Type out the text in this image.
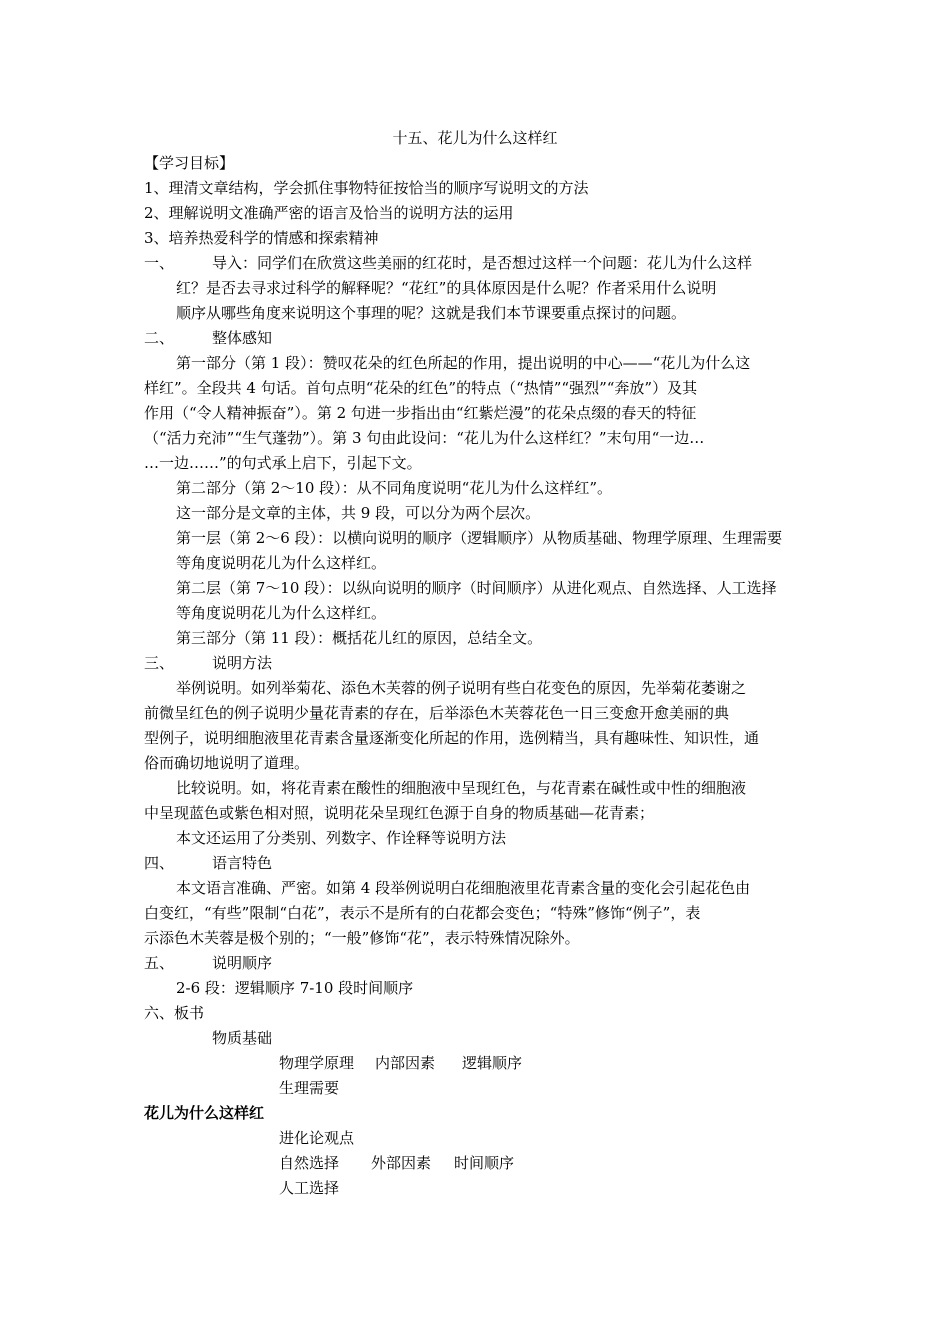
十五、花儿为什么这样红
【学习目标】
1、理清文章结构，学会抓住事物特征按恰当的顺序写说明文的方法
2、理解说明文准确严密的语言及恰当的说明方法的运用
3、培养热爱科学的情感和探索精神
一、	导入：同学们在欣赏这些美丽的红花时，是否想过这样一个问题：花儿为什么这样
红？是否去寻求过科学的解释呢？“花红”的具体原因是什么呢？作者采用什么说明
顺序从哪些角度来说明这个事理的呢？这就是我们本节课要重点探讨的问题。
二、	整体感知
第一部分（第 1 段）：赞叹花朵的红色所起的作用，提出说明的中心——“花儿为什么这
样红”。全段共 4 句话。首句点明“花朵的红色”的特点（“热情”“强烈”“奔放”）及其
作用（“令人精神振奋”）。第 2 句进一步指出由“红紫烂漫”的花朵点缀的春天的特征
（“活力充沛”“生气蓬勃”）。第 3 句由此设问：“花儿为什么这样红？”末句用“一边…
…一边……”的句式承上启下，引起下文。
第二部分（第 2～10 段）：从不同角度说明“花儿为什么这样红”。
这一部分是文章的主体，共 9 段，可以分为两个层次。
第一层（第 2～6 段）：以横向说明的顺序（逻辑顺序）从物质基础、物理学原理、生理需要
等角度说明花儿为什么这样红。
第二层（第 7～10 段）：以纵向说明的顺序（时间顺序）从进化观点、自然选择、人工选择
等角度说明花儿为什么这样红。
第三部分（第 11 段）：概括花儿红的原因，总结全文。
三、	说明方法
举例说明。如列举菊花、添色木芙蓉的例子说明有些白花变色的原因，先举菊花萎谢之
前微呈红色的例子说明少量花青素的存在，后举添色木芙蓉花色一日三变愈开愈美丽的典
型例子，说明细胞液里花青素含量逐渐变化所起的作用，选例精当，具有趣味性、知识性，通
俗而确切地说明了道理。
比较说明。如，将花青素在酸性的细胞液中呈现红色，与花青素在碱性或中性的细胞液
中呈现蓝色或紫色相对照，说明花朵呈现红色源于自身的物质基础—花青素；
本文还运用了分类别、列数字、作诠释等说明方法
四、	语言特色
本文语言准确、严密。如第 4 段举例说明白花细胞液里花青素含量的变化会引起花色由
白变红，“有些”限制“白花”，表示不是所有的白花都会变色；“特殊”修饰“例子”，表
示添色木芙蓉是极个别的；“一般”修饰“花”，表示特殊情况除外。
五、	说明顺序
2-6 段：逻辑顺序 7-10 段时间顺序
六、板书
物质基础
物理学原理 内部因素 逻辑顺序
生理需要
花儿为什么这样红
进化论观点
自然选择 外部因素 时间顺序
人工选择
